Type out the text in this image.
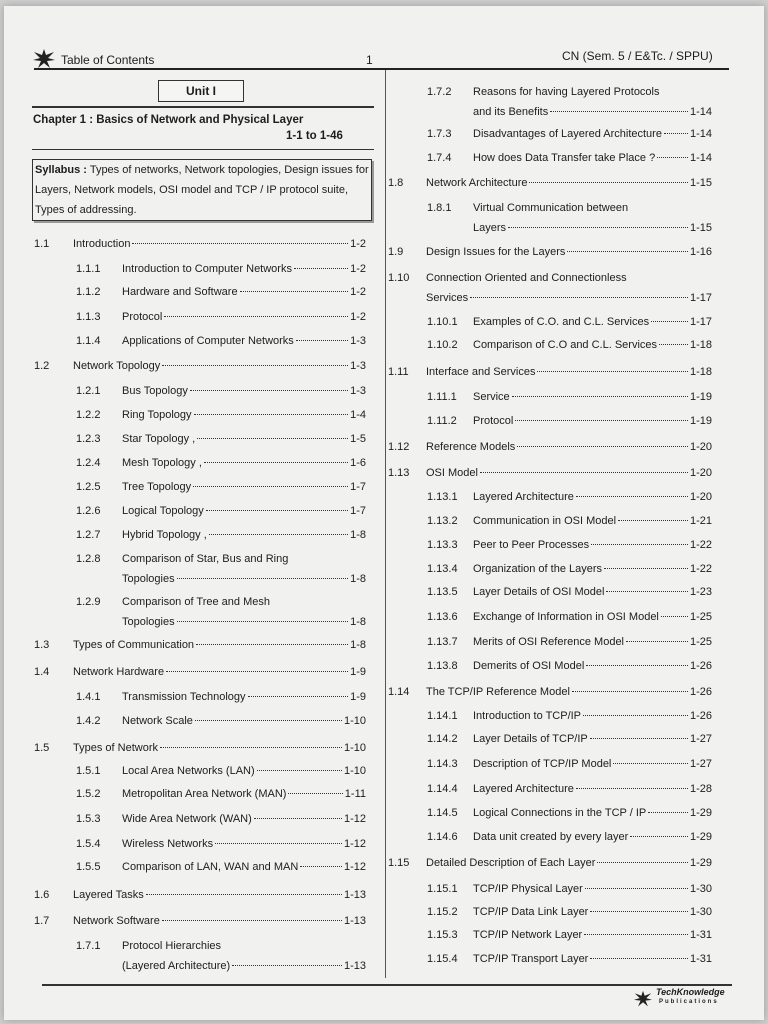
Table of Contents	1	CN (Sem. 5 / E&Tc. / SPPU)
Unit I
Chapter 1 : Basics of Network and Physical Layer
1-1 to 1-46
Syllabus : Types of networks, Network topologies, Design issues for Layers, Network models, OSI model and TCP / IP protocol suite, Types of addressing.
1.1 Introduction	1-2
1.1.1 Introduction to Computer Networks	1-2
1.1.2 Hardware and Software	1-2
1.1.3 Protocol	1-2
1.1.4 Applications of Computer Networks	1-3
1.2 Network Topology	1-3
1.2.1 Bus Topology	1-3
1.2.2 Ring Topology	1-4
1.2.3 Star Topology ,	1-5
1.2.4 Mesh Topology ,	1-6
1.2.5 Tree Topology	1-7
1.2.6 Logical Topology	1-7
1.2.7 Hybrid Topology ,	1-8
1.2.8 Comparison of Star, Bus and Ring
Topologies	1-8
1.2.9 Comparison of Tree and Mesh
Topologies	1-8
1.3 Types of Communication	1-8
1.4 Network Hardware	1-9
1.4.1 Transmission Technology	1-9
1.4.2 Network Scale	1-10
1.5 Types of Network	1-10
1.5.1 Local Area Networks (LAN)	1-10
1.5.2 Metropolitan Area Network (MAN)	1-11
1.5.3 Wide Area Network (WAN)	1-12
1.5.4 Wireless Networks	1-12
1.5.5 Comparison of LAN, WAN and MAN	1-12
1.6 Layered Tasks	1-13
1.7 Network Software	1-13
1.7.1 Protocol Hierarchies
(Layered Architecture)	1-13
1.7.2 Reasons for having Layered Protocols
and its Benefits	1-14
1.7.3 Disadvantages of Layered Architecture	1-14
1.7.4 How does Data Transfer take Place ?	1-14
1.8 Network Architecture	1-15
1.8.1 Virtual Communication between
Layers	1-15
1.9 Design Issues for the Layers	1-16
1.10 Connection Oriented and Connectionless
Services	1-17
1.10.1 Examples of C.O. and C.L. Services	1-17
1.10.2 Comparison of C.O and C.L. Services	1-18
1.11 Interface and Services	1-18
1.11.1 Service	1-19
1.11.2 Protocol	1-19
1.12 Reference Models	1-20
1.13 OSI Model	1-20
1.13.1 Layered Architecture	1-20
1.13.2 Communication in OSI Model	1-21
1.13.3 Peer to Peer Processes	1-22
1.13.4 Organization of the Layers	1-22
1.13.5 Layer Details of OSI Model	1-23
1.13.6 Exchange of Information in OSI Model	1-25
1.13.7 Merits of OSI Reference Model	1-25
1.13.8 Demerits of OSI Model	1-26
1.14 The TCP/IP Reference Model	1-26
1.14.1 Introduction to TCP/IP	1-26
1.14.2 Layer Details of TCP/IP	1-27
1.14.3 Description of TCP/IP Model	1-27
1.14.4 Layered Architecture	1-28
1.14.5 Logical Connections in the TCP / IP	1-29
1.14.6 Data unit created by every layer	1-29
1.15 Detailed Description of Each Layer	1-29
1.15.1 TCP/IP Physical Layer	1-30
1.15.2 TCP/IP Data Link Layer	1-30
1.15.3 TCP/IP Network Layer	1-31
1.15.4 TCP/IP Transport Layer	1-31
TechKnowledge
Publications
